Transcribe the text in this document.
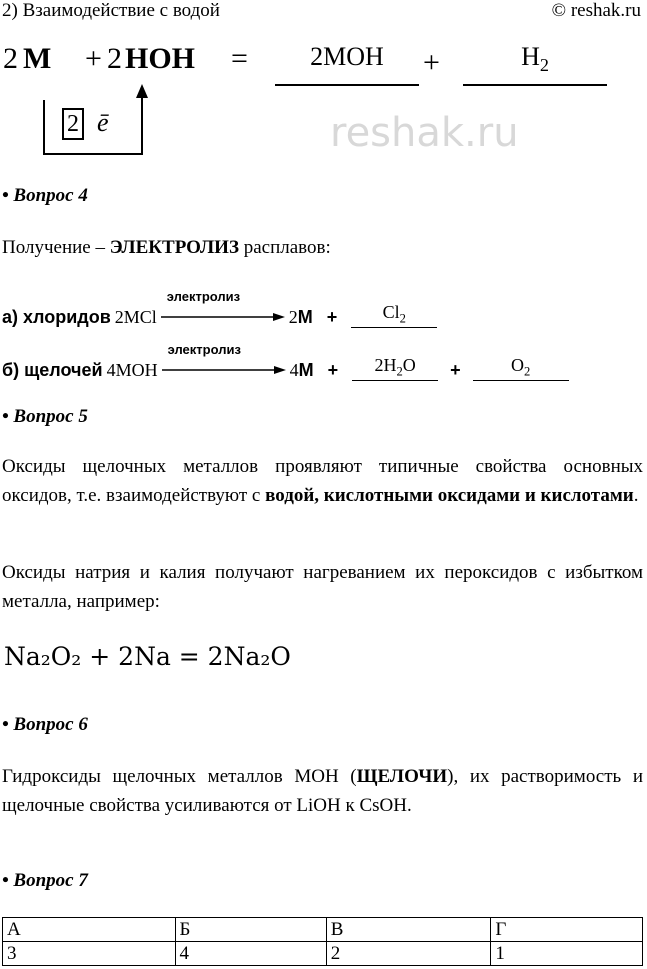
2) Взаимодействие с водой	© reshak.ru
reshak.ru
2 M + 2 HOH =	2MOH	+	$H_2$
2 ē
• Вопрос 4
Получение – ЭЛЕКТРОЛИЗ расплавов:
а) хлоридов 2MCl
электролиз
2 M +	$Cl_2$
б) щелочей 4MOH
электролиз
4 M +	$2H_2O$	+	$O_2$
• Вопрос 5
Оксиды щелочных металлов проявляют типичные свойства основных оксидов, т.е. взаимодействуют с водой, кислотными оксидами и кислотами.
Оксиды натрия и калия получают нагреванием их пероксидов с избытком металла, например:
Na₂O₂ + 2Na = 2Na₂O
• Вопрос 6
Гидроксиды щелочных металлов MOH (ЩЕЛОЧИ), их растворимость и щелочные свойства усиливаются от LiOH к CsOH.
• Вопрос 7
А	Б	В	Г
3	4	2	1
